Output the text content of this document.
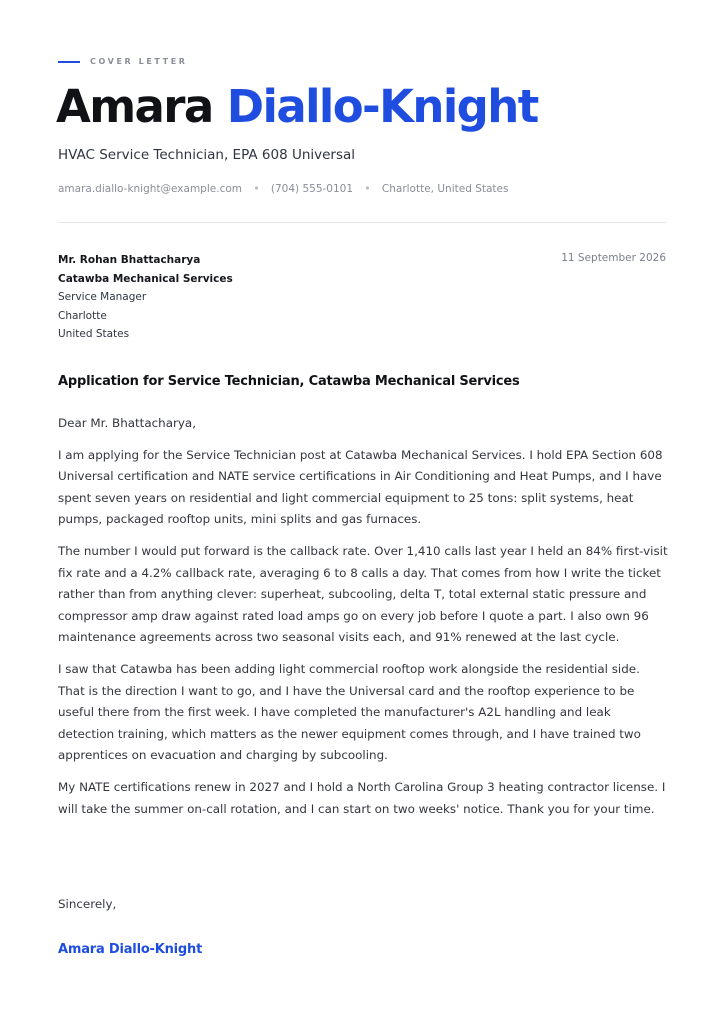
COVER LETTER
Amara Diallo-Knight
HVAC Service Technician, EPA 608 Universal
amara.diallo-knight@example.com • (704) 555-0101 • Charlotte, United States
Mr. Rohan Bhattacharya
Catawba Mechanical Services
Service Manager
Charlotte
United States
11 September 2026
Application for Service Technician, Catawba Mechanical Services

Dear Mr. Bhattacharya,

I am applying for the Service Technician post at Catawba Mechanical Services. I hold EPA Section 608 Universal certification and NATE service certifications in Air Conditioning and Heat Pumps, and I have spent seven years on residential and light commercial equipment to 25 tons: split systems, heat pumps, packaged rooftop units, mini splits and gas furnaces.

The number I would put forward is the callback rate. Over 1,410 calls last year I held an 84% first-visit fix rate and a 4.2% callback rate, averaging 6 to 8 calls a day. That comes from how I write the ticket rather than from anything clever: superheat, subcooling, delta T, total external static pressure and compressor amp draw against rated load amps go on every job before I quote a part. I also own 96 maintenance agreements across two seasonal visits each, and 91% renewed at the last cycle.

I saw that Catawba has been adding light commercial rooftop work alongside the residential side. That is the direction I want to go, and I have the Universal card and the rooftop experience to be useful there from the first week. I have completed the manufacturer's A2L handling and leak detection training, which matters as the newer equipment comes through, and I have trained two apprentices on evacuation and charging by subcooling.

My NATE certifications renew in 2027 and I hold a North Carolina Group 3 heating contractor license. I will take the summer on-call rotation, and I can start on two weeks' notice. Thank you for your time.

Sincerely,
Amara Diallo-Knight
